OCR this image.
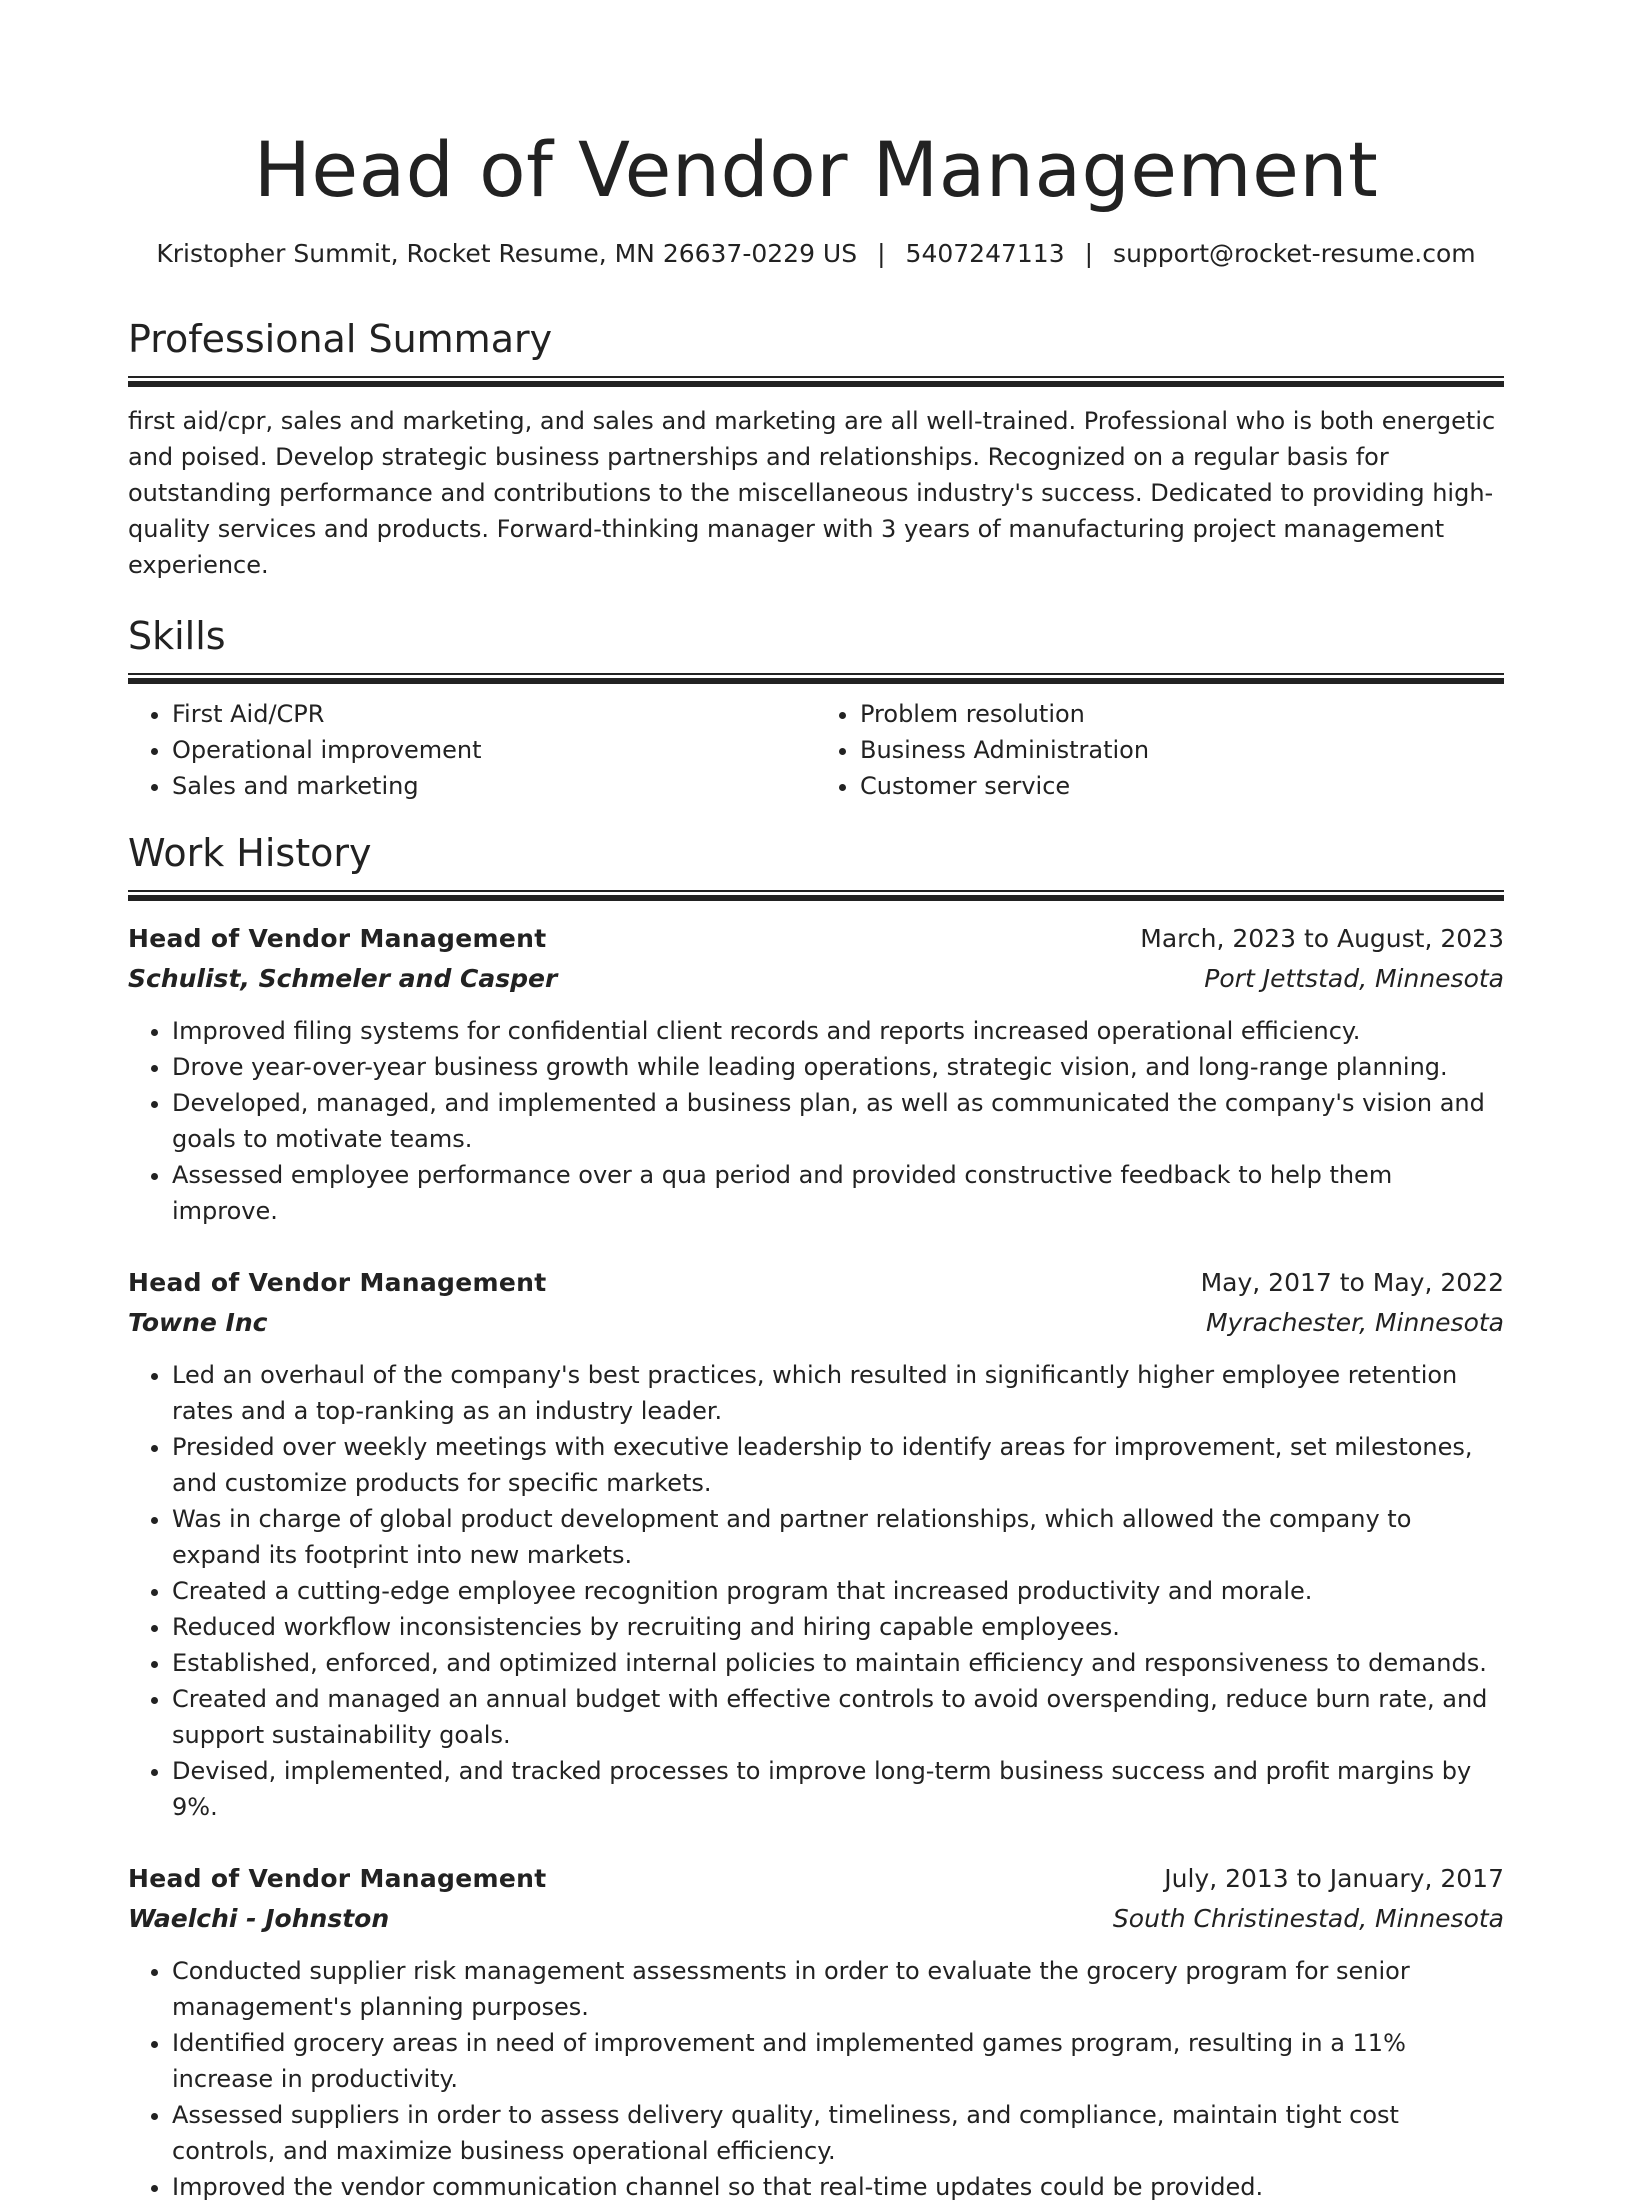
Head of Vendor Management
Kristopher Summit, Rocket Resume, MN 26637-0229 US | 5407247113 | support@rocket-resume.com
Professional Summary

first aid/cpr, sales and marketing, and sales and marketing are all well-trained. Professional who is both energetic and poised. Develop strategic business partnerships and relationships. Recognized on a regular basis for outstanding performance and contributions to the miscellaneous industry's success. Dedicated to providing high-quality services and products. Forward-thinking manager with 3 years of manufacturing project management experience.

Skills
• First Aid/CPR
• Operational improvement
• Sales and marketing
• Problem resolution
• Business Administration
• Customer service
Work History
Head of Vendor Management	March, 2023 to August, 2023
Schulist, Schmeler and Casper	Port Jettstad, Minnesota
• Improved filing systems for confidential client records and reports increased operational efficiency.
• Drove year-over-year business growth while leading operations, strategic vision, and long-range planning.
• Developed, managed, and implemented a business plan, as well as communicated the company's vision and goals to motivate teams.
• Assessed employee performance over a qua period and provided constructive feedback to help them improve.
Head of Vendor Management	May, 2017 to May, 2022
Towne Inc	Myrachester, Minnesota
• Led an overhaul of the company's best practices, which resulted in significantly higher employee retention rates and a top-ranking as an industry leader.
• Presided over weekly meetings with executive leadership to identify areas for improvement, set milestones, and customize products for specific markets.
• Was in charge of global product development and partner relationships, which allowed the company to expand its footprint into new markets.
• Created a cutting-edge employee recognition program that increased productivity and morale.
• Reduced workflow inconsistencies by recruiting and hiring capable employees.
• Established, enforced, and optimized internal policies to maintain efficiency and responsiveness to demands.
• Created and managed an annual budget with effective controls to avoid overspending, reduce burn rate, and support sustainability goals.
• Devised, implemented, and tracked processes to improve long-term business success and profit margins by 9%.
Head of Vendor Management	July, 2013 to January, 2017
Waelchi - Johnston	South Christinestad, Minnesota
• Conducted supplier risk management assessments in order to evaluate the grocery program for senior management's planning purposes.
• Identified grocery areas in need of improvement and implemented games program, resulting in a 11% increase in productivity.
• Assessed suppliers in order to assess delivery quality, timeliness, and compliance, maintain tight cost controls, and maximize business operational efficiency.
• Improved the vendor communication channel so that real-time updates could be provided.
